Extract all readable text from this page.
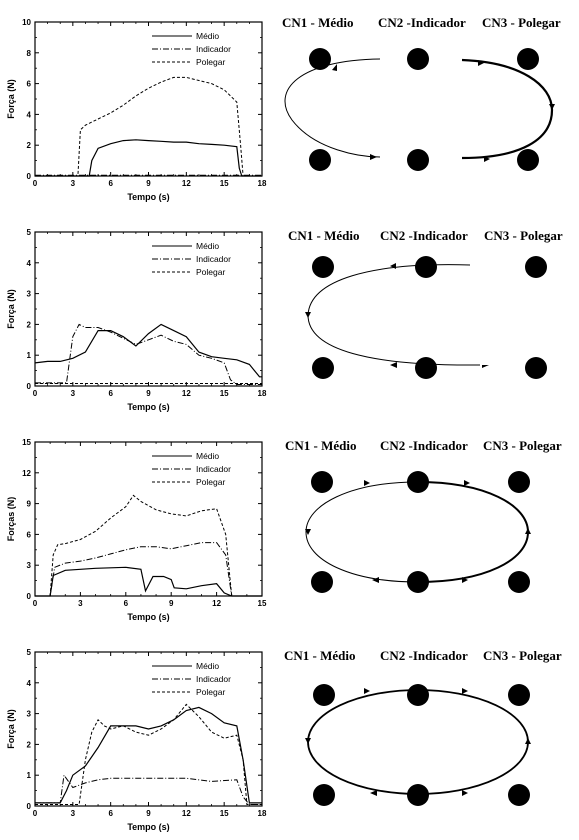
0	3	6	9	12	15	18
0
2
4
6
8
10
Tempo (s)
Força (N)
Médio
Indicador
Polegar
CN1 - Médio CN2 -Indicador CN3 - Polegar
0	3	6	9	12	15	18
0
1
2
3
4
5
Tempo (s)
Força (N)
Médio
Indicador
Polegar
CN1 - Médio CN2 -Indicador CN3 - Polegar
0	3	6	9	12	15
0
3
6
9
12
15
Tempo (s)
Forças (N)
Médio
Indicador
Polegar
CN1 - Médio CN2 -Indicador CN3 - Polegar
0	3	6	9	12	15	18
0
1
2
3
4
5
Tempo (s)
Força (N)
Médio
Indicador
Polegar
CN1 - Médio CN2 -Indicador CN3 - Polegar
